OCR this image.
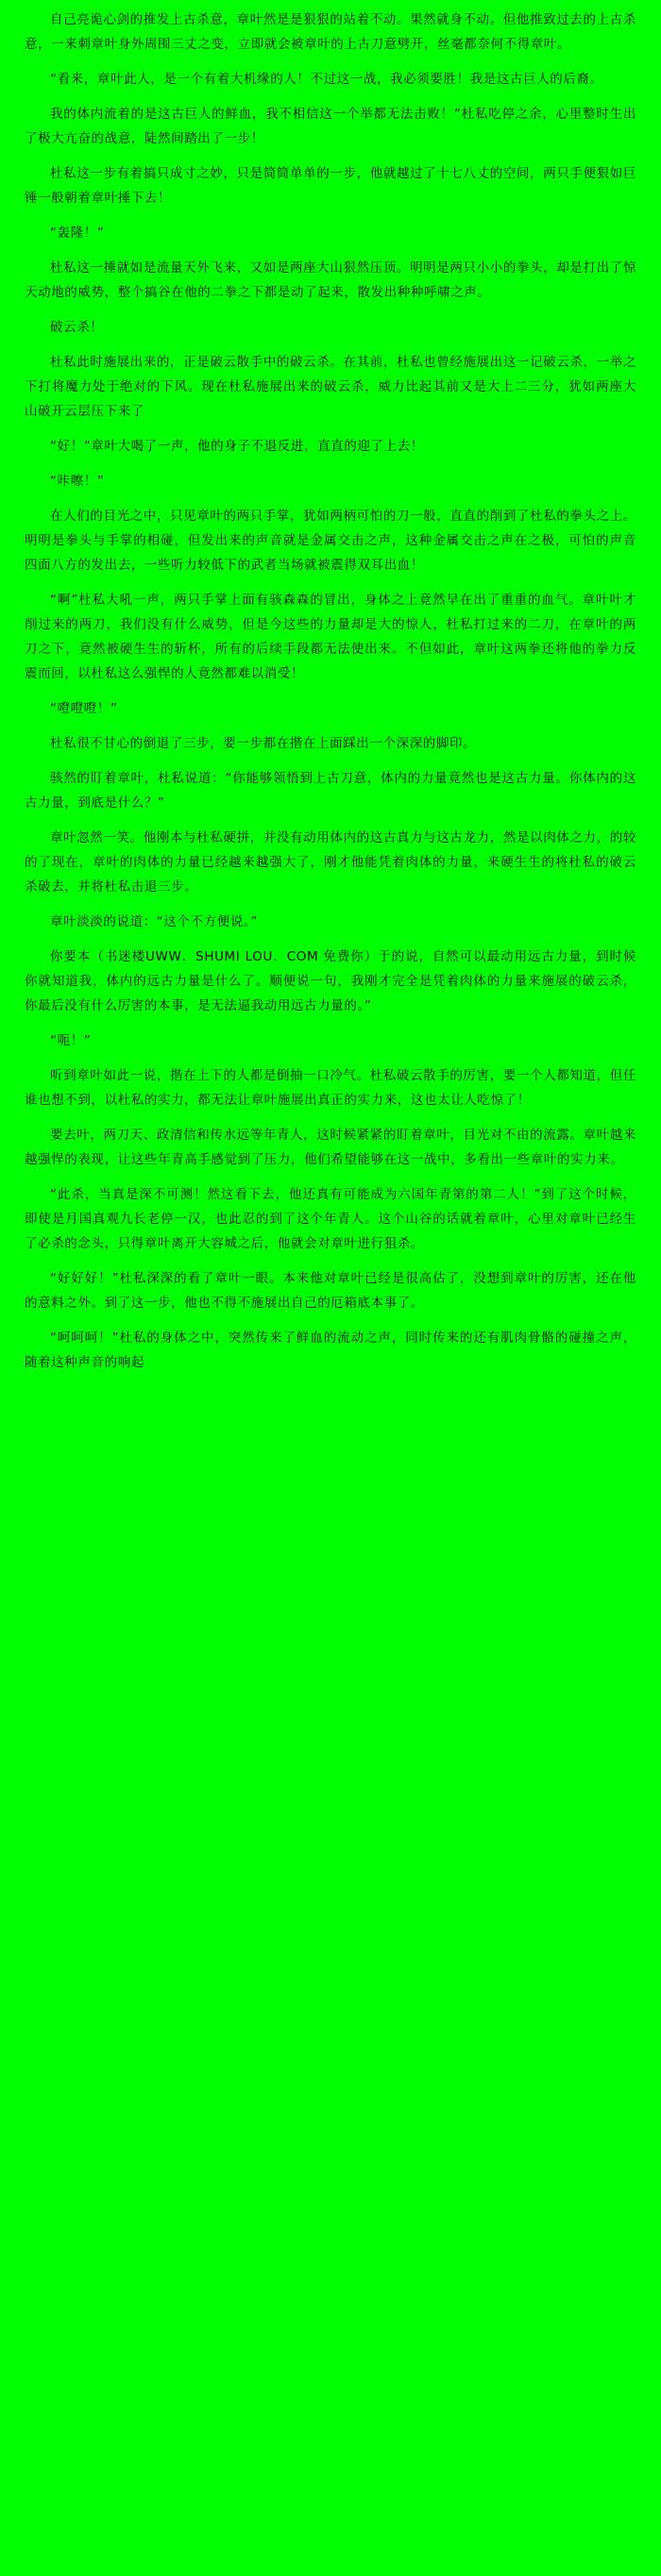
自己亮诡心剑的推发上古杀意，章叶然是是狠狠的站着不动。果然就身不动。但他推致过去的上古杀意，一来刺章叶身外周围三丈之变，立即就会被章叶的上古刀意劈开，丝毫都奈何不得章叶。

“看来，章叶此人，是一个有着大机缘的人！不过这一战，我必须要胜！我是这古巨人的后裔。

我的体内流着的是这古巨人的鲜血，我不相信这一个举都无法击败！”杜私吃停之余，心里整时生出了极大亢奋的战意，陡然间踏出了一步！

杜私这一步有着搞只成寸之妙，只是简简单单的一步，他就越过了十七八丈的空间，两只手便狠如巨锤一般朝着章叶捶下去！

“轰隆！”

杜私这一捶就如是流量天外飞来，又如是两座大山狠然压顶。明明是两只小小的拳头，却是打出了惊天动地的威势，整个搞谷在他的二拳之下都是动了起来，散发出种种呼啸之声。

破云杀！

杜私此时施展出来的，正是破云散手中的破云杀。在其前，杜私也曾经施展出这一记破云杀，一举之下打将魔力处于绝对的下风。现在杜私施展出来的破云杀，威力比起其前又是大上二三分，犹如两座大山破开云层压下来了

“好！”章叶大喝了一声，他的身子不退反进，直直的迎了上去！

“咔嚓！”

在人们的目光之中，只见章叶的两只手掌，犹如两柄可怕的刀一般，直直的削到了杜私的拳头之上。明明是拳头与手掌的相碰，但发出来的声音就是金属交击之声，这种金属交击之声在之极，可怕的声音四面八方的发出去，一些听力较低下的武者当场就被震得双耳出血！

“啊”杜私大吼一声，两只手掌上面有骇森森的冒出，身体之上竟然早在出了重重的血气。章叶叶才削过来的两刀，我们没有什么威势，但是今这些的力量却是大的惊人，杜私打过来的二刀，在章叶的两刀之下，竟然被硬生生的斩杯，所有的后续手段都无法使出来。不但如此，章叶这两拳还将他的拳力反震而回，以杜私这么强悍的人竟然都难以消受！

“噔噔噔！”

杜私很不甘心的倒退了三步，要一步都在揩在上面踩出一个深深的脚印。

骇然的盯着章叶，杜私说道：“你能够领悟到上古刀意，体内的力量竟然也是这古力量。你体内的这古力量，到底是什么？”

章叶忽然一笑。他刚本与杜私硬拼，并没有动用体内的这古真力与这古龙力，然是以肉体之力，的较的了现在，章叶的肉体的力量已经越来越强大了，刚才他能凭着肉体的力量，来硬生生的将杜私的破云杀破去，并将杜私击退三步。

章叶淡淡的说道：“这个不方便说。”

你要本（书迷楼UWW．SHUMI LOU．COM 免费你）于的说，自然可以最动用远古力量，到时候你就知道我，体内的远古力量是什么了。顺便说一句，我刚才完全是凭着肉体的力量来施展的破云杀，你最后没有什么厉害的本事，是无法逼我动用远古力量的。”

“呃！”

听到章叶如此一说，揩在上下的人都是倒抽一口冷气。杜私破云散手的厉害，要一个人都知道，但任谁也想不到，以杜私的实力，都无法让章叶施展出真正的实力来，这也太让人吃惊了！

要去叶，两刀天、政清信和传水远等年青人，这时候紧紧的盯着章叶，目光对不由的流露。章叶越来越强悍的表现，让这些年青高手感觉到了压力，他们希望能够在这一战中，多看出一些章叶的实力来。

“此杀，当真是深不可测！然这看下去，他还真有可能成为六国年青第的第二人！”到了这个时候，即使是月国真观九长老停一汉，也此忍的到了这个年青人。这个山谷的话就着章叶，心里对章叶已经生了必杀的念头，只得章叶离开大容城之后，他就会对章叶进行狙杀。

“好好好！”杜私深深的看了章叶一眼。本来他对章叶已经是很高估了，没想到章叶的厉害，还在他的意料之外。到了这一步，他也不得不施展出自己的厄箱底本事了。

“呵呵呵！”杜私的身体之中，突然传来了鲜血的流动之声，同时传来的还有肌肉骨骼的碰撞之声，随着这种声音的响起
